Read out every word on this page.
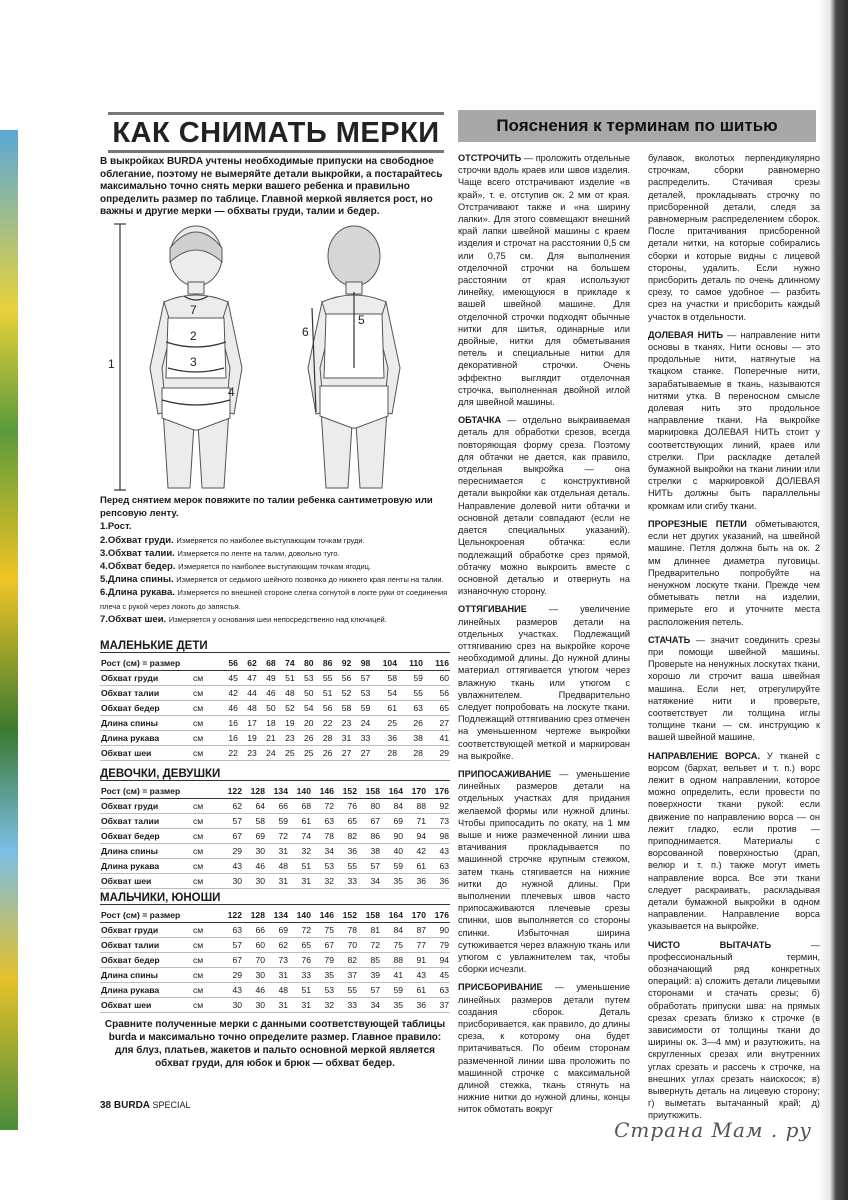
КАК СНИМАТЬ МЕРКИ	Пояснения к терминам по шитью
В выкройках BURDA учтены необходимые припуски на свободное облегание, поэтому не вымеряйте детали выкройки, а постарайтесь максимально точно снять мерки вашего ребенка и правильно определить размер по таблице. Главной меркой является рост, но важны и другие мерки — обхваты груди, талии и бедер.
1
2
3
4
5
6
7
Перед снятием мерок повяжите по талии ребенка сантиметровую или репсовую ленту.
1.Рост.
2.Обхват груди. Измеряется по наиболее выступающим точкам груди.
3.Обхват талии. Измеряется по ленте на талии, довольно туго.
4.Обхват бедер. Измеряется по наиболее выступающим точкам ягодиц.
5.Длина спины. Измеряется от седьмого шейного позвонка до нижнего края ленты на талии.
6.Длина рукава. Измеряется по внешней стороне слегка согнутой в локте руки от соединения плеча с рукой через локоть до запястья.
7.Обхват шеи. Измеряется у основания шеи непосредственно над ключицей.
МАЛЕНЬКИЕ ДЕТИ
Рост (см) = размер		56	62	68	74	80	86	92	98	104	110	116
Обхват груди	см	45	47	49	51	53	55	56	57	58	59	60
Обхват талии	см	42	44	46	48	50	51	52	53	54	55	56
Обхват бедер	см	46	48	50	52	54	56	58	59	61	63	65
Длина спины	см	16	17	18	19	20	22	23	24	25	26	27
Длина рукава	см	16	19	21	23	26	28	31	33	36	38	41
Обхват шеи	см	22	23	24	25	25	26	27	27	28	28	29
ДЕВОЧКИ, ДЕВУШКИ
Рост (см) = размер		122	128	134	140	146	152	158	164	170	176
Обхват груди	см	62	64	66	68	72	76	80	84	88	92
Обхват талии	см	57	58	59	61	63	65	67	69	71	73
Обхват бедер	см	67	69	72	74	78	82	86	90	94	98
Длина спины	см	29	30	31	32	34	36	38	40	42	43
Длина рукава	см	43	46	48	51	53	55	57	59	61	63
Обхват шеи	см	30	30	31	31	32	33	34	35	36	36
МАЛЬЧИКИ, ЮНОШИ
Рост (см) = размер		122	128	134	140	146	152	158	164	170	176
Обхват груди	см	63	66	69	72	75	78	81	84	87	90
Обхват талии	см	57	60	62	65	67	70	72	75	77	79
Обхват бедер	см	67	70	73	76	79	82	85	88	91	94
Длина спины	см	29	30	31	33	35	37	39	41	43	45
Длина рукава	см	43	46	48	51	53	55	57	59	61	63
Обхват шеи	см	30	30	31	31	32	33	34	35	36	37
Сравните полученные мерки с данными соответствующей таблицы burda и максимально точно определите размер. Главное правило: для блуз, платьев, жакетов и пальто основной меркой является обхват груди, для юбок и брюк — обхват бедер.
38 BURDA SPECIAL

ОТСТРОЧИТЬ — проложить отдельные строчки вдоль краев или швов изделия. Чаще всего отстрачивают изделие «в край», т. е. отступив ок. 2 мм от края. Отстрачивают также и «на ширину лапки». Для этого совмещают внешний край лапки швейной машины с краем изделия и строчат на расстоянии 0,5 см или 0,75 см. Для выполнения отделочной строчки на большем расстоянии от края используют линейку, имеющуюся в прикладе к вашей швейной машине. Для отделочной строчки подходят обычные нитки для шитья, одинарные или двойные, нитки для обметывания петель и специальные нитки для декоративной строчки. Очень эффектно выглядит отделочная строчка, выполненная двойной иглой для швейной машины.

ОБТАЧКА — отдельно выкраиваемая деталь для обработки срезов, всегда повторяющая форму среза. Поэтому для обтачки не дается, как правило, отдельная выкройка — она переснимается с конструктивной детали выкройки как отдельная деталь. Направление долевой нити обтачки и основной детали совпадают (если не дается специальных указаний). Цельнокроеная обтачка: если подлежащий обработке срез прямой, обтачку можно выкроить вместе с основной деталью и отвернуть на изнаночную сторону.

ОТТЯГИВАНИЕ — увеличение линейных размеров детали на отдельных участках. Подлежащий оттягиванию срез на выкройке короче необходимой длины. До нужной длины материал оттягивается утюгом через влажную ткань или утюгом с увлажнителем. Предварительно следует попробовать на лоскуте ткани. Подлежащий оттягиванию срез отмечен на уменьшенном чертеже выкройки соответствующей меткой и маркирован на выкройке.

ПРИПОСАЖИВАНИЕ — уменьшение линейных размеров детали на отдельных участках для придания желаемой формы или нужной длины. Чтобы припосадить по окату, на 1 мм выше и ниже размеченной линии шва втачивания прокладывается по машинной строчке крупным стежком, затем ткань стягивается на нижние нитки до нужной длины. При выполнении плечевых швов часто припосаживаются плечевые срезы спинки, шов выполняется со стороны спинки. Избыточная ширина сутюживается через влажную ткань или утюгом с увлажнителем так, чтобы сборки исчезли.

ПРИСБОРИВАНИЕ — уменьшение линейных размеров детали путем создания сборок. Деталь присборивается, как правило, до длины среза, к которому она будет притачиваться. По обеим сторонам размеченной линии шва проложить по машинной строчке с максимальной длиной стежка, ткань стянуть на нижние нитки до нужной длины, концы ниток обмотать вокруг

булавок, вколотых перпендикулярно строчкам, сборки равномерно распределить. Стачивая срезы деталей, прокладывать строчку по присборенной детали, следя за равномерным распределением сборок. После притачивания присборенной детали нитки, на которые собирались сборки и которые видны с лицевой стороны, удалить. Если нужно присборить деталь по очень длинному срезу, то самое удобное — разбить срез на участки и присборить каждый участок в отдельности.

ДОЛЕВАЯ НИТЬ — направление нити основы в тканях. Нити основы — это продольные нити, натянутые на ткацком станке. Поперечные нити, зарабатываемые в ткань, называются нитями утка. В переносном смысле долевая нить это продольное направление ткани. На выкройке маркировка ДОЛЕВАЯ НИТЬ стоит у соответствующих линий, краев или стрелки. При раскладке деталей бумажной выкройки на ткани линии или стрелки с маркировкой ДОЛЕВАЯ НИТЬ должны быть параллельны кромкам или сгибу ткани.

ПРОРЕЗНЫЕ ПЕТЛИ обметываются, если нет других указаний, на швейной машине. Петля должна быть на ок. 2 мм длиннее диаметра пуговицы. Предварительно попробуйте на ненужном лоскуте ткани. Прежде чем обметывать петли на изделии, примерьте его и уточните места расположения петель.

СТАЧАТЬ — значит соединить срезы при помощи швейной машины. Проверьте на ненужных лоскутах ткани, хорошо ли строчит ваша швейная машина. Если нет, отрегулируйте натяжение нити и проверьте, соответствует ли толщина иглы толщине ткани — см. инструкцию к вашей швейной машине.

НАПРАВЛЕНИЕ ВОРСА. У тканей с ворсом (бархат, вельвет и т. п.) ворс лежит в одном направлении, которое можно определить, если провести по поверхности ткани рукой: если движение по направлению ворса — он лежит гладко, если против — приподнимается. Материалы с ворсованной поверхностью (драп, велюр и т. п.) также могут иметь направление ворса. Все эти ткани следует раскраивать, раскладывая детали бумажной выкройки в одном направлении. Направление ворса указывается на выкройке.

ЧИСТО ВЫТАЧАТЬ — профессиональный термин, обозначающий ряд конкретных операций: а) сложить детали лицевыми сторонами и стачать срезы; б) обработать припуски шва: на прямых срезах срезать близко к строчке (в зависимости от толщины ткани до ширины ок. 3—4 мм) и разутюжить, на скругленных срезах или внутренних углах срезать и рассечь к строчке, на внешних углах срезать наискосок; в) вывернуть деталь на лицевую сторону; г) выметать вытачанный край; д) приутюжить.

Страна Мам . ру
